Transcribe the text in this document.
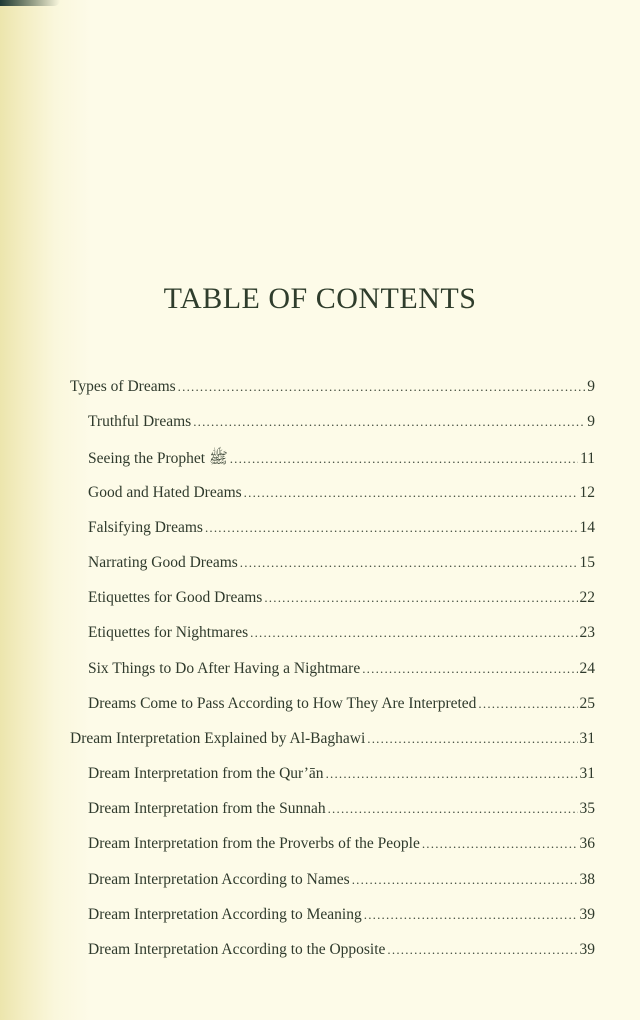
TABLE OF CONTENTS
Types of Dreams .....	9
Truthful Dreams .....	9
Seeing the Prophet ﷺ .....	11
Good and Hated Dreams .....	12
Falsifying Dreams .....	14
Narrating Good Dreams .....	15
Etiquettes for Good Dreams .....	22
Etiquettes for Nightmares .....	23
Six Things to Do After Having a Nightmare .....	24
Dreams Come to Pass According to How They Are Interpreted .....	25
Dream Interpretation Explained by Al-Baghawi .....	31
Dream Interpretation from the Qur’ān .....	31
Dream Interpretation from the Sunnah .....	35
Dream Interpretation from the Proverbs of the People .....	36
Dream Interpretation According to Names .....	38
Dream Interpretation According to Meaning .....	39
Dream Interpretation According to the Opposite .....	39
